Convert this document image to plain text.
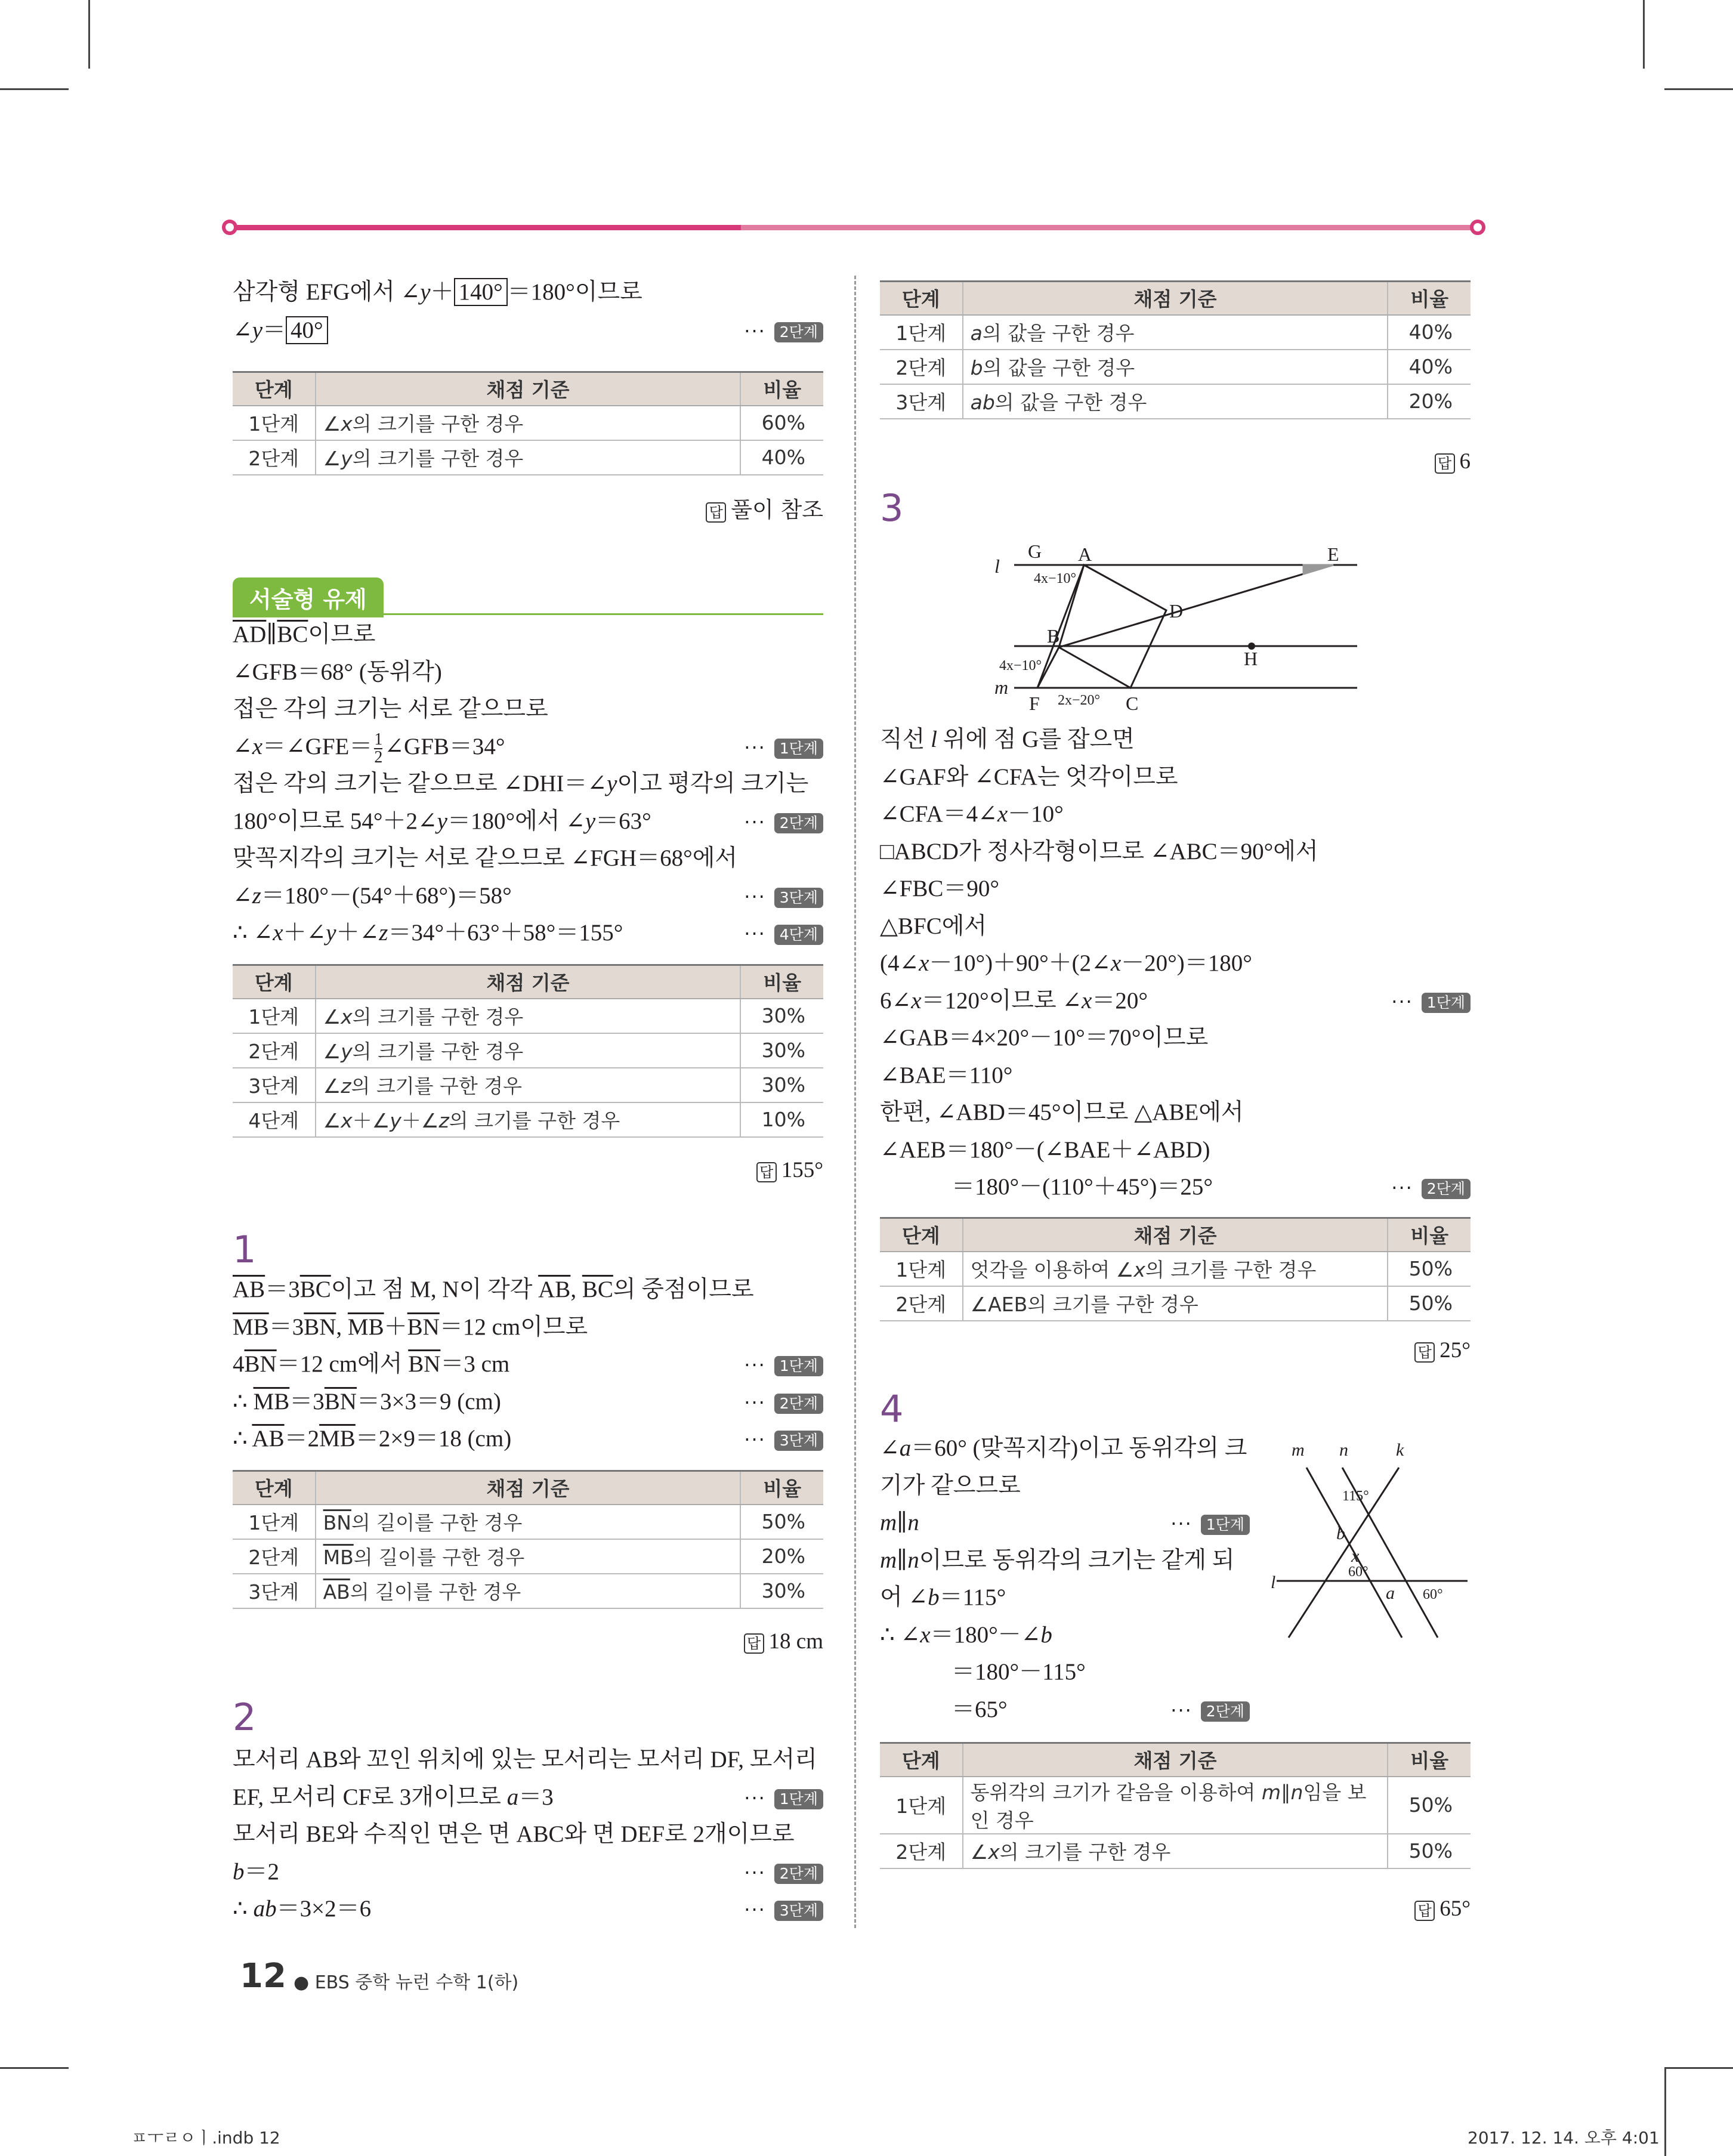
삼각형 EFG에서 ∠y＋ 140° ＝180°이므로
∠y＝ 40°	··· 2단계
단계	채점 기준	비율
1단계	∠x의 크기를 구한 경우	60%
2단계	∠y의 크기를 구한 경우	40%
답 풀이 참조
서술형 유제
$\overline{AD}\parallel\overline{BC}$이므로
∠GFB＝68° (동위각)
접은 각의 크기는 서로 같으므로
∠x＝∠GFE＝ $\frac{1}{2}$ ∠GFB＝34°	··· 1단계
접은 각의 크기는 같으므로 ∠DHI＝∠y이고 평각의 크기는
180°이므로 54°＋2∠y＝180°에서 ∠y＝63°	··· 2단계
맞꼭지각의 크기는 서로 같으므로 ∠FGH＝68°에서
∠z＝180°－(54°＋68°)＝58°	··· 3단계
∴ ∠x＋∠y＋∠z＝34°＋63°＋58°＝155°	··· 4단계
단계	채점 기준	비율
1단계	∠x의 크기를 구한 경우	30%
2단계	∠y의 크기를 구한 경우	30%
3단계	∠z의 크기를 구한 경우	30%
4단계	∠x＋∠y＋∠z의 크기를 구한 경우	10%
답 155°
1
$\overline{AB}=3\overline{BC}$이고 점 M, N이 각각 $\overline{AB}$, $\overline{BC}$의 중점이므로
$\overline{MB}=3\overline{BN}$, $\overline{MB}+\overline{BN}=12$ cm이므로
$4\overline{BN}=12$ cm에서 $\overline{BN}=3$ cm	··· 1단계
∴ $\overline{MB}=3\overline{BN}=3\times 3=9$ (cm)	··· 2단계
∴ $\overline{AB}=2\overline{MB}=2\times 9=18$ (cm)	··· 3단계
단계	채점 기준	비율
1단계	$\overline{BN}$의 길이를 구한 경우	50%
2단계	$\overline{MB}$의 길이를 구한 경우	20%
3단계	$\overline{AB}$의 길이를 구한 경우	30%
답 18 cm
2
모서리 AB와 꼬인 위치에 있는 모서리는 모서리 DF, 모서리
EF, 모서리 CF로 3개이므로 a＝3	··· 1단계
모서리 BE와 수직인 면은 면 ABC와 면 DEF로 2개이므로
b＝2	··· 2단계
∴ ab＝3×2＝6	··· 3단계
단계	채점 기준	비율
1단계	a의 값을 구한 경우	40%
2단계	b의 값을 구한 경우	40%
3단계	ab의 값을 구한 경우	20%
답 6
3
l
m
G A	E
D
B
H
F	C
4x−10°
4x−10°
2x−20°
직선 l 위에 점 G를 잡으면
∠GAF와 ∠CFA는 엇각이므로
∠CFA＝4∠x－10°
□ABCD가 정사각형이므로 ∠ABC＝90°에서
∠FBC＝90°
△BFC에서
(4∠x－10°)＋90°＋(2∠x－20°)＝180°
6∠x＝120°이므로 ∠x＝20°	··· 1단계
∠GAB＝4×20°－10°＝70°이므로
∠BAE＝110°
한편, ∠ABD＝45°이므로 △ABE에서
∠AEB＝180°－(∠BAE＋∠ABD)
＝180°－(110°＋45°)＝25°	··· 2단계
단계	채점 기준	비율
1단계	엇각을 이용하여 ∠x의 크기를 구한 경우	50%
2단계	∠AEB의 크기를 구한 경우	50%
답 25°
4
m n	k
l
b
x
a
115°
60°
60°
∠a＝60° (맞꼭지각)이고 동위각의 크
기가 같으므로
m∥n	··· 1단계
m∥n이므로 동위각의 크기는 같게 되
어 ∠b＝115°
∴ ∠x＝180°－∠b
＝180°－115°
＝65°	··· 2단계
단계	채점 기준	비율
1단계	동위각의 크기가 같음을 이용하여 m∥n임을 보인 경우	50%
2단계	∠x의 크기를 구한 경우	50%
답 65°
12 ● EBS 중학 뉴런 수학 1(하)
ㅍㅜㄹㅇㅣ.indb 12	2017. 12. 14. 오후 4:01
